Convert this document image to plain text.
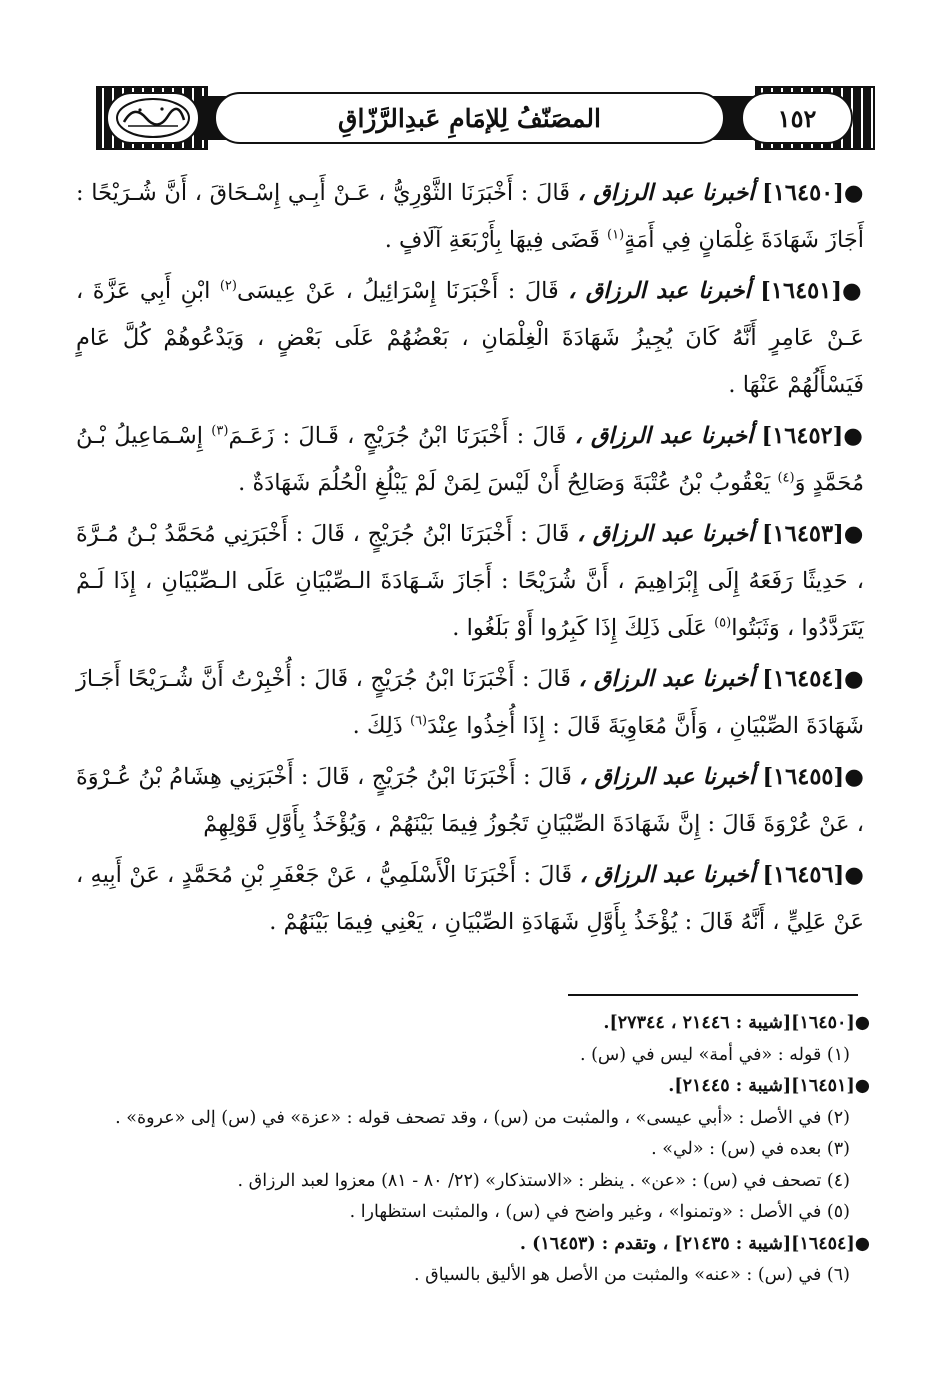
١٥٢
المصَنّفُ لِلإمَامِ عَبدِالرَّزّاقِ

●[١٦٤٥٠] أخبرنا عبد الرزاق ، قَالَ : أَخْبَرَنَا الثَّوْرِيُّ ، عَـنْ أَبِـي إِسْـحَاقَ ، أَنَّ شُـرَيْحًا : أَجَازَ شَهَادَةَ غِلْمَانٍ فِي أَمَةٍ$^{(١)}$ قَضَى فِيهَا بِأَرْبَعَةِ آلَافٍ .

●[١٦٤٥١] أخبرنا عبد الرزاق ، قَالَ : أَخْبَرَنَا إِسْرَائِيلُ ، عَنْ عِيسَى$^{(٢)}$ ابْنِ أَبِي عَزَّةَ ، عَـنْ عَامِرٍ أَنَّهُ كَانَ يُجِيزُ شَهَادَةَ الْغِلْمَانِ ، بَعْضُهُمْ عَلَى بَعْضٍ ، وَيَدْعُوهُمْ كُلَّ عَامٍ فَيَسْأَلُهُمْ عَنْهَا .

●[١٦٤٥٢] أخبرنا عبد الرزاق ، قَالَ : أَخْبَرَنَا ابْنُ جُرَيْجٍ ، قَـالَ : زَعَـمَ$^{(٣)}$ إِسْـمَاعِيلُ بْـنُ مُحَمَّدٍ وَ$^{(٤)}$ يَعْقُوبُ بْنُ عُتْبَةَ وَصَالِحُ أَنْ لَيْسَ لِمَنْ لَمْ يَبْلُغِ الْحُلُمَ شَهَادَةٌ .

●[١٦٤٥٣] أخبرنا عبد الرزاق ، قَالَ : أَخْبَرَنَا ابْنُ جُرَيْجٍ ، قَالَ : أَخْبَرَنِي مُحَمَّدُ بْـنُ مُـرَّةَ ، حَدِيثًا رَفَعَهُ إِلَى إِبْرَاهِيمَ ، أَنَّ شُرَيْحًا : أَجَازَ شَـهَادَةَ الـصِّبْيَانِ عَلَى الـصِّبْيَانِ ، إِذَا لَـمْ يَتَرَدَّدُوا ، وَثَبَتُوا$^{(٥)}$ عَلَى ذَلِكَ إِذَا كَبِرُوا أَوْ بَلَغُوا .

●[١٦٤٥٤] أخبرنا عبد الرزاق ، قَالَ : أَخْبَرَنَا ابْنُ جُرَيْجٍ ، قَالَ : أُخْبِرْتُ أَنَّ شُـرَيْحًا أَجَـازَ شَهَادَةَ الصِّبْيَانِ ، وَأَنَّ مُعَاوِيَةَ قَالَ : إِذَا أُخِذُوا عِنْدَ$^{(٦)}$ ذَلِكَ .

●[١٦٤٥٥] أخبرنا عبد الرزاق ، قَالَ : أَخْبَرَنَا ابْنُ جُرَيْجٍ ، قَالَ : أَخْبَرَنِي هِشَامُ بْنُ عُـرْوَةَ ، عَنْ عُرْوَةَ قَالَ : إِنَّ شَهَادَةَ الصِّبْيَانِ تَجُوزُ فِيمَا بَيْنَهُمْ ، وَيُؤْخَذُ بِأَوَّلِ قَوْلِهِمْ

●[١٦٤٥٦] أخبرنا عبد الرزاق ، قَالَ : أَخْبَرَنَا الْأَسْلَمِيُّ ، عَنْ جَعْفَرِ بْنِ مُحَمَّدٍ ، عَنْ أَبِيهِ ، عَنْ عَلِيٍّ ، أَنَّهُ قَالَ : يُؤْخَذُ بِأَوَّلِ شَهَادَةِ الصِّبْيَانِ ، يَعْنِي فِيمَا بَيْنَهُمْ .

●[١٦٤٥٠][شيبة : ٢١٤٤٦ ، ٢٧٣٤٤].

(١) قوله : «في أمة» ليس في (س) .

●[١٦٤٥١][شيبة : ٢١٤٤٥].

(٢) في الأصل : «أبي عيسى» ، والمثبت من (س) ، وقد تصحف قوله : «عزة» في (س) إلى «عروة» .

(٣) بعده في (س) : «لي» .

(٤) تصحف في (س) : «عن» . ينظر : «الاستذكار» (٢٢/ ٨٠ - ٨١) معزوا لعبد الرزاق .

(٥) في الأصل : «وتمنوا» ، وغير واضح في (س) ، والمثبت استظهارا .

●[١٦٤٥٤][شيبة : ٢١٤٣٥] ، وتقدم : (١٦٤٥٣) .

(٦) في (س) : «عنه» والمثبت من الأصل هو الأليق بالسياق .
